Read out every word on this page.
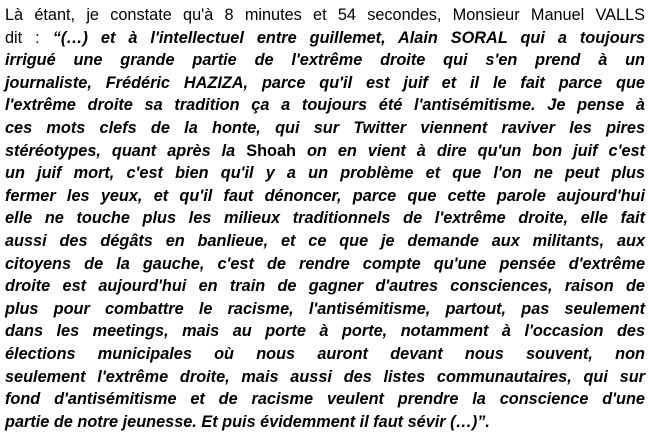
Là étant, je constate qu'à 8 minutes et 54 secondes, Monsieur Manuel VALLS
dit : “(…) et à l'intellectuel entre guillemet, Alain SORAL qui a toujours
irrigué une grande partie de l'extrême droite qui s'en prend à un
journaliste, Frédéric HAZIZA, parce qu'il est juif et il le fait parce que
l'extrême droite sa tradition ça a toujours été l'antisémitisme. Je pense à
ces mots clefs de la honte, qui sur Twitter viennent raviver les pires
stéréotypes, quant après la Shoah on en vient à dire qu'un bon juif c'est
un juif mort, c'est bien qu'il y a un problème et que l'on ne peut plus
fermer les yeux, et qu'il faut dénoncer, parce que cette parole aujourd'hui
elle ne touche plus les milieux traditionnels de l'extrême droite, elle fait
aussi des dégâts en banlieue, et ce que je demande aux militants, aux
citoyens de la gauche, c'est de rendre compte qu'une pensée d'extrême
droite est aujourd'hui en train de gagner d'autres consciences, raison de
plus pour combattre le racisme, l'antisémitisme, partout, pas seulement
dans les meetings, mais au porte à porte, notamment à l'occasion des
élections municipales où nous auront devant nous souvent, non
seulement l'extrême droite, mais aussi des listes communautaires, qui sur
fond d'antisémitisme et de racisme veulent prendre la conscience d'une
partie de notre jeunesse. Et puis évidemment il faut sévir (…)”.
